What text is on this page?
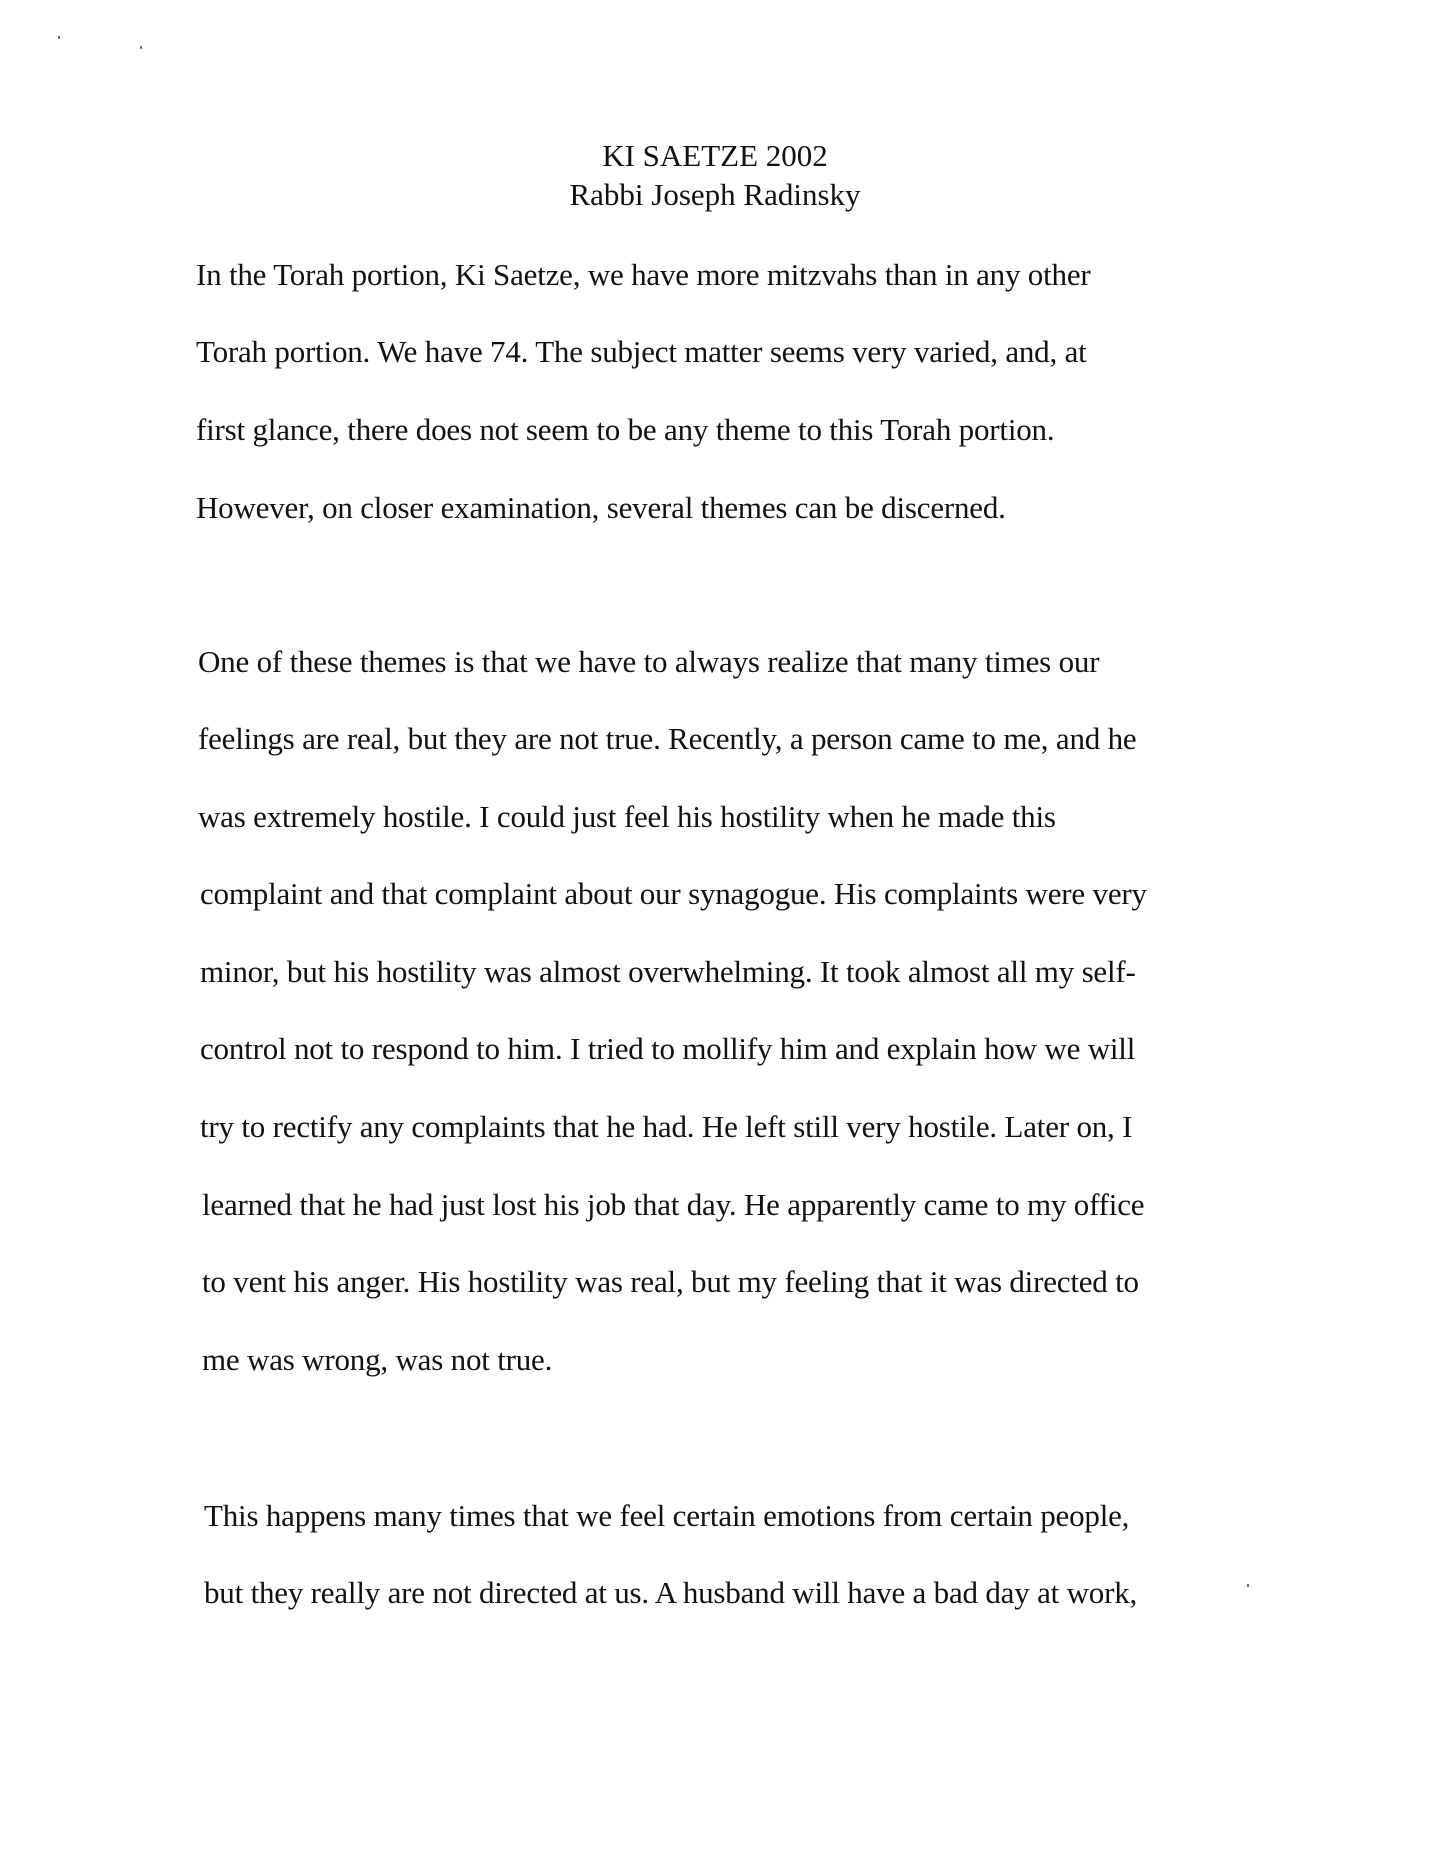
KI SAETZE 2002
Rabbi Joseph Radinsky
In the Torah portion, Ki Saetze, we have more mitzvahs than in any other
Torah portion. We have 74. The subject matter seems very varied, and, at
first glance, there does not seem to be any theme to this Torah portion.
However, on closer examination, several themes can be discerned.
One of these themes is that we have to always realize that many times our
feelings are real, but they are not true. Recently, a person came to me, and he
was extremely hostile. I could just feel his hostility when he made this
complaint and that complaint about our synagogue. His complaints were very
minor, but his hostility was almost overwhelming. It took almost all my self-
control not to respond to him. I tried to mollify him and explain how we will
try to rectify any complaints that he had. He left still very hostile. Later on, I
learned that he had just lost his job that day. He apparently came to my office
to vent his anger. His hostility was real, but my feeling that it was directed to
me was wrong, was not true.
This happens many times that we feel certain emotions from certain people,
but they really are not directed at us. A husband will have a bad day at work,
